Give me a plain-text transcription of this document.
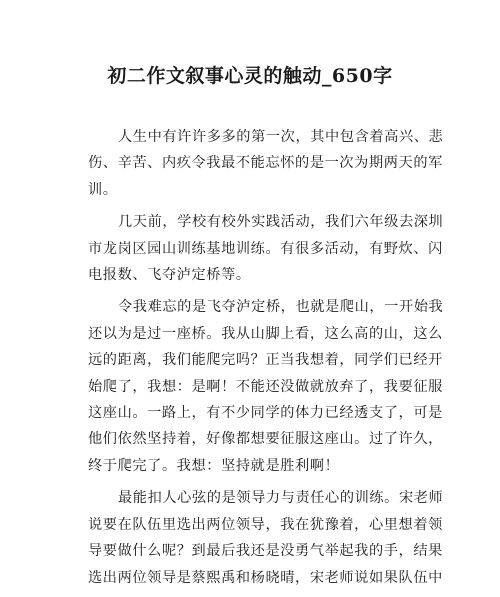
初二作文叙事心灵的触动_650字
人生中有许许多多的第一次，其中包含着高兴、悲
伤、辛苦、内疚令我最不能忘怀的是一次为期两天的军
训。
几天前，学校有校外实践活动，我们六年级去深圳
市龙岗区园山训练基地训练。有很多活动，有野炊、闪
电报数、飞夺泸定桥等。
令我难忘的是飞夺泸定桥，也就是爬山，一开始我
还以为是过一座桥。我从山脚上看，这么高的山，这么
远的距离，我们能爬完吗？正当我想着，同学们已经开
始爬了，我想：是啊！不能还没做就放弃了，我要征服
这座山。一路上，有不少同学的体力已经透支了，可是
他们依然坚持着，好像都想要征服这座山。过了许久，
终于爬完了。我想：坚持就是胜利啊！
最能扣人心弦的是领导力与责任心的训练。宋老师
说要在队伍里选出两位领导，我在犹豫着，心里想着领
导要做什么呢？到最后我还是没勇气举起我的手，结果
选出两位领导是蔡熙禹和杨晓晴，宋老师说如果队伍中
